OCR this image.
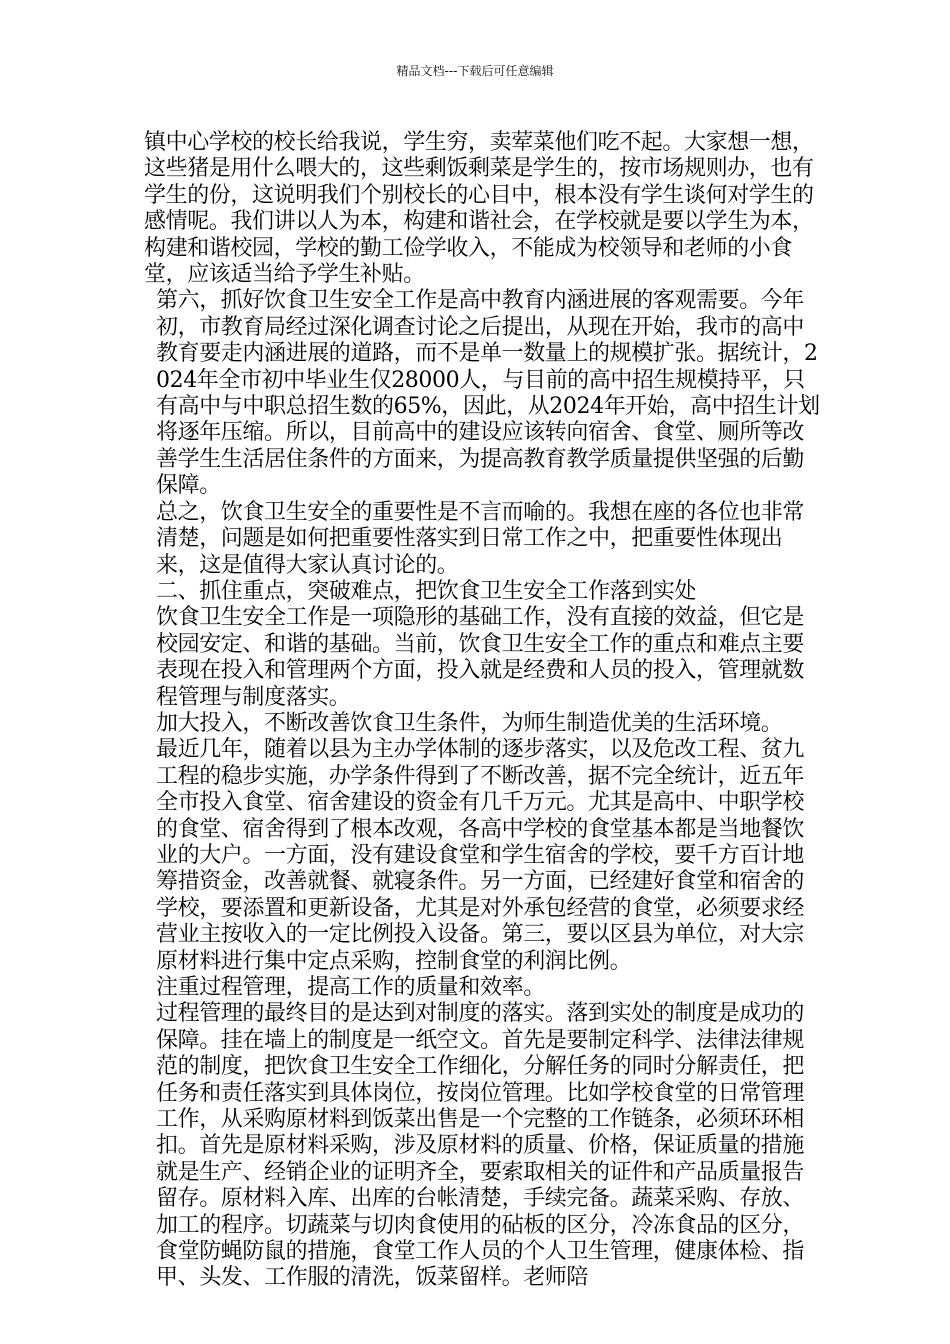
精品文档---下载后可任意编辑

镇中心学校的校长给我说，学生穷，卖荤菜他们吃不起。大家想一想，这些猪是用什么喂大的，这些剩饭剩菜是学生的，按市场规则办，也有学生的份，这说明我们个别校长的心目中，根本没有学生谈何对学生的感情呢。我们讲以人为本，构建和谐社会，在学校就是要以学生为本，构建和谐校园，学校的勤工俭学收入，不能成为校领导和老师的小食堂，应该适当给予学生补贴。

第六，抓好饮食卫生安全工作是高中教育内涵进展的客观需要。今年初，市教育局经过深化调查讨论之后提出，从现在开始，我市的高中教育要走内涵进展的道路，而不是单一数量上的规模扩张。据统计，2024年全市初中毕业生仅28000人，与目前的高中招生规模持平，只有高中与中职总招生数的65%，因此，从2024年开始，高中招生计划将逐年压缩。所以，目前高中的建设应该转向宿舍、食堂、厕所等改善学生生活居住条件的方面来，为提高教育教学质量提供坚强的后勤保障。

总之，饮食卫生安全的重要性是不言而喻的。我想在座的各位也非常清楚，问题是如何把重要性落实到日常工作之中，把重要性体现出来，这是值得大家认真讨论的。

二、抓住重点，突破难点，把饮食卫生安全工作落到实处

饮食卫生安全工作是一项隐形的基础工作，没有直接的效益，但它是校园安定、和谐的基础。当前，饮食卫生安全工作的重点和难点主要表现在投入和管理两个方面，投入就是经费和人员的投入，管理就数程管理与制度落实。

加大投入，不断改善饮食卫生条件，为师生制造优美的生活环境。

最近几年，随着以县为主办学体制的逐步落实，以及危改工程、贫九工程的稳步实施，办学条件得到了不断改善，据不完全统计，近五年全市投入食堂、宿舍建设的资金有几千万元。尤其是高中、中职学校的食堂、宿舍得到了根本改观，各高中学校的食堂基本都是当地餐饮业的大户。一方面，没有建设食堂和学生宿舍的学校，要千方百计地筹措资金，改善就餐、就寝条件。另一方面，已经建好食堂和宿舍的学校，要添置和更新设备，尤其是对外承包经营的食堂，必须要求经营业主按收入的一定比例投入设备。第三，要以区县为单位，对大宗原材料进行集中定点采购，控制食堂的利润比例。

注重过程管理，提高工作的质量和效率。

过程管理的最终目的是达到对制度的落实。落到实处的制度是成功的保障。挂在墙上的制度是一纸空文。首先是要制定科学、法律法律规范的制度，把饮食卫生安全工作细化，分解任务的同时分解责任，把任务和责任落实到具体岗位，按岗位管理。比如学校食堂的日常管理工作，从采购原材料到饭菜出售是一个完整的工作链条，必须环环相扣。首先是原材料采购，涉及原材料的质量、价格，保证质量的措施就是生产、经销企业的证明齐全，要索取相关的证件和产品质量报告留存。原材料入库、出库的台帐清楚，手续完备。蔬菜采购、存放、加工的程序。切蔬菜与切肉食使用的砧板的区分，冷冻食品的区分，食堂防蝇防鼠的措施，食堂工作人员的个人卫生管理，健康体检、指甲、头发、工作服的清洗，饭菜留样。老师陪
